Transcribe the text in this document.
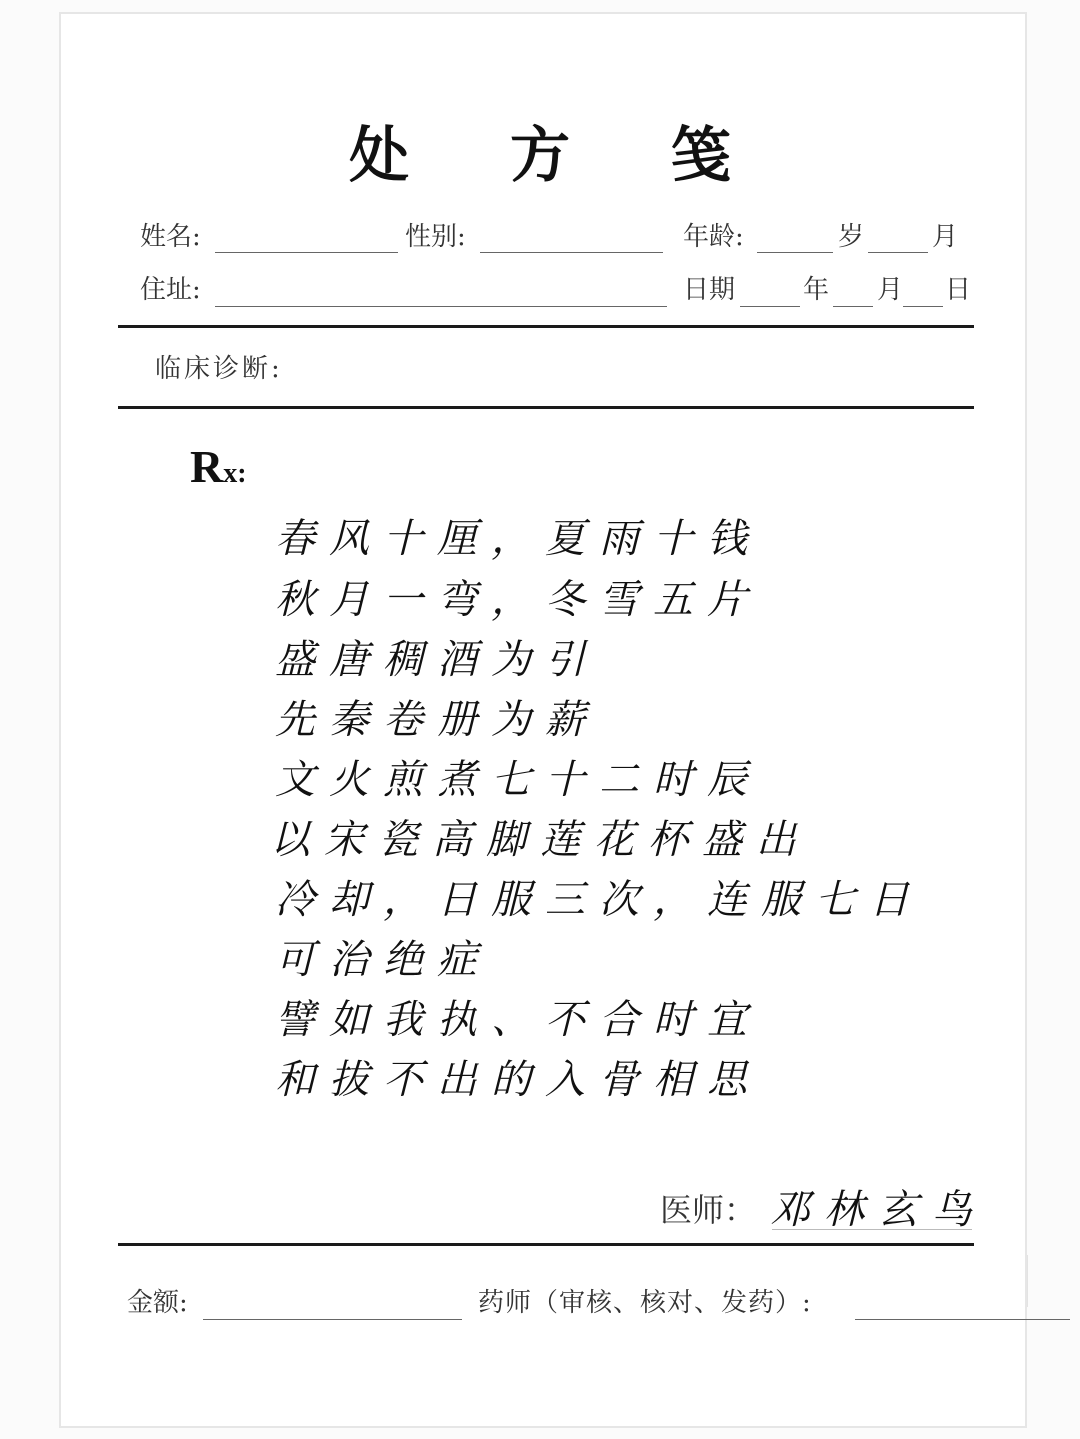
处 方 笺
姓名:	性别:	年龄:	岁	月
住址:	日期	年 月 日
临床诊断:
Rx:
春风十厘，夏雨十钱
秋月一弯，冬雪五片
盛唐稠酒为引
先秦卷册为薪
文火煎煮七十二时辰
以宋瓷高脚莲花杯盛出
冷却，日服三次，连服七日
可治绝症
譬如我执、不合时宜
和拔不出的入骨相思
医师： 邓林玄鸟
金额:	药师（审核、核对、发药）:
